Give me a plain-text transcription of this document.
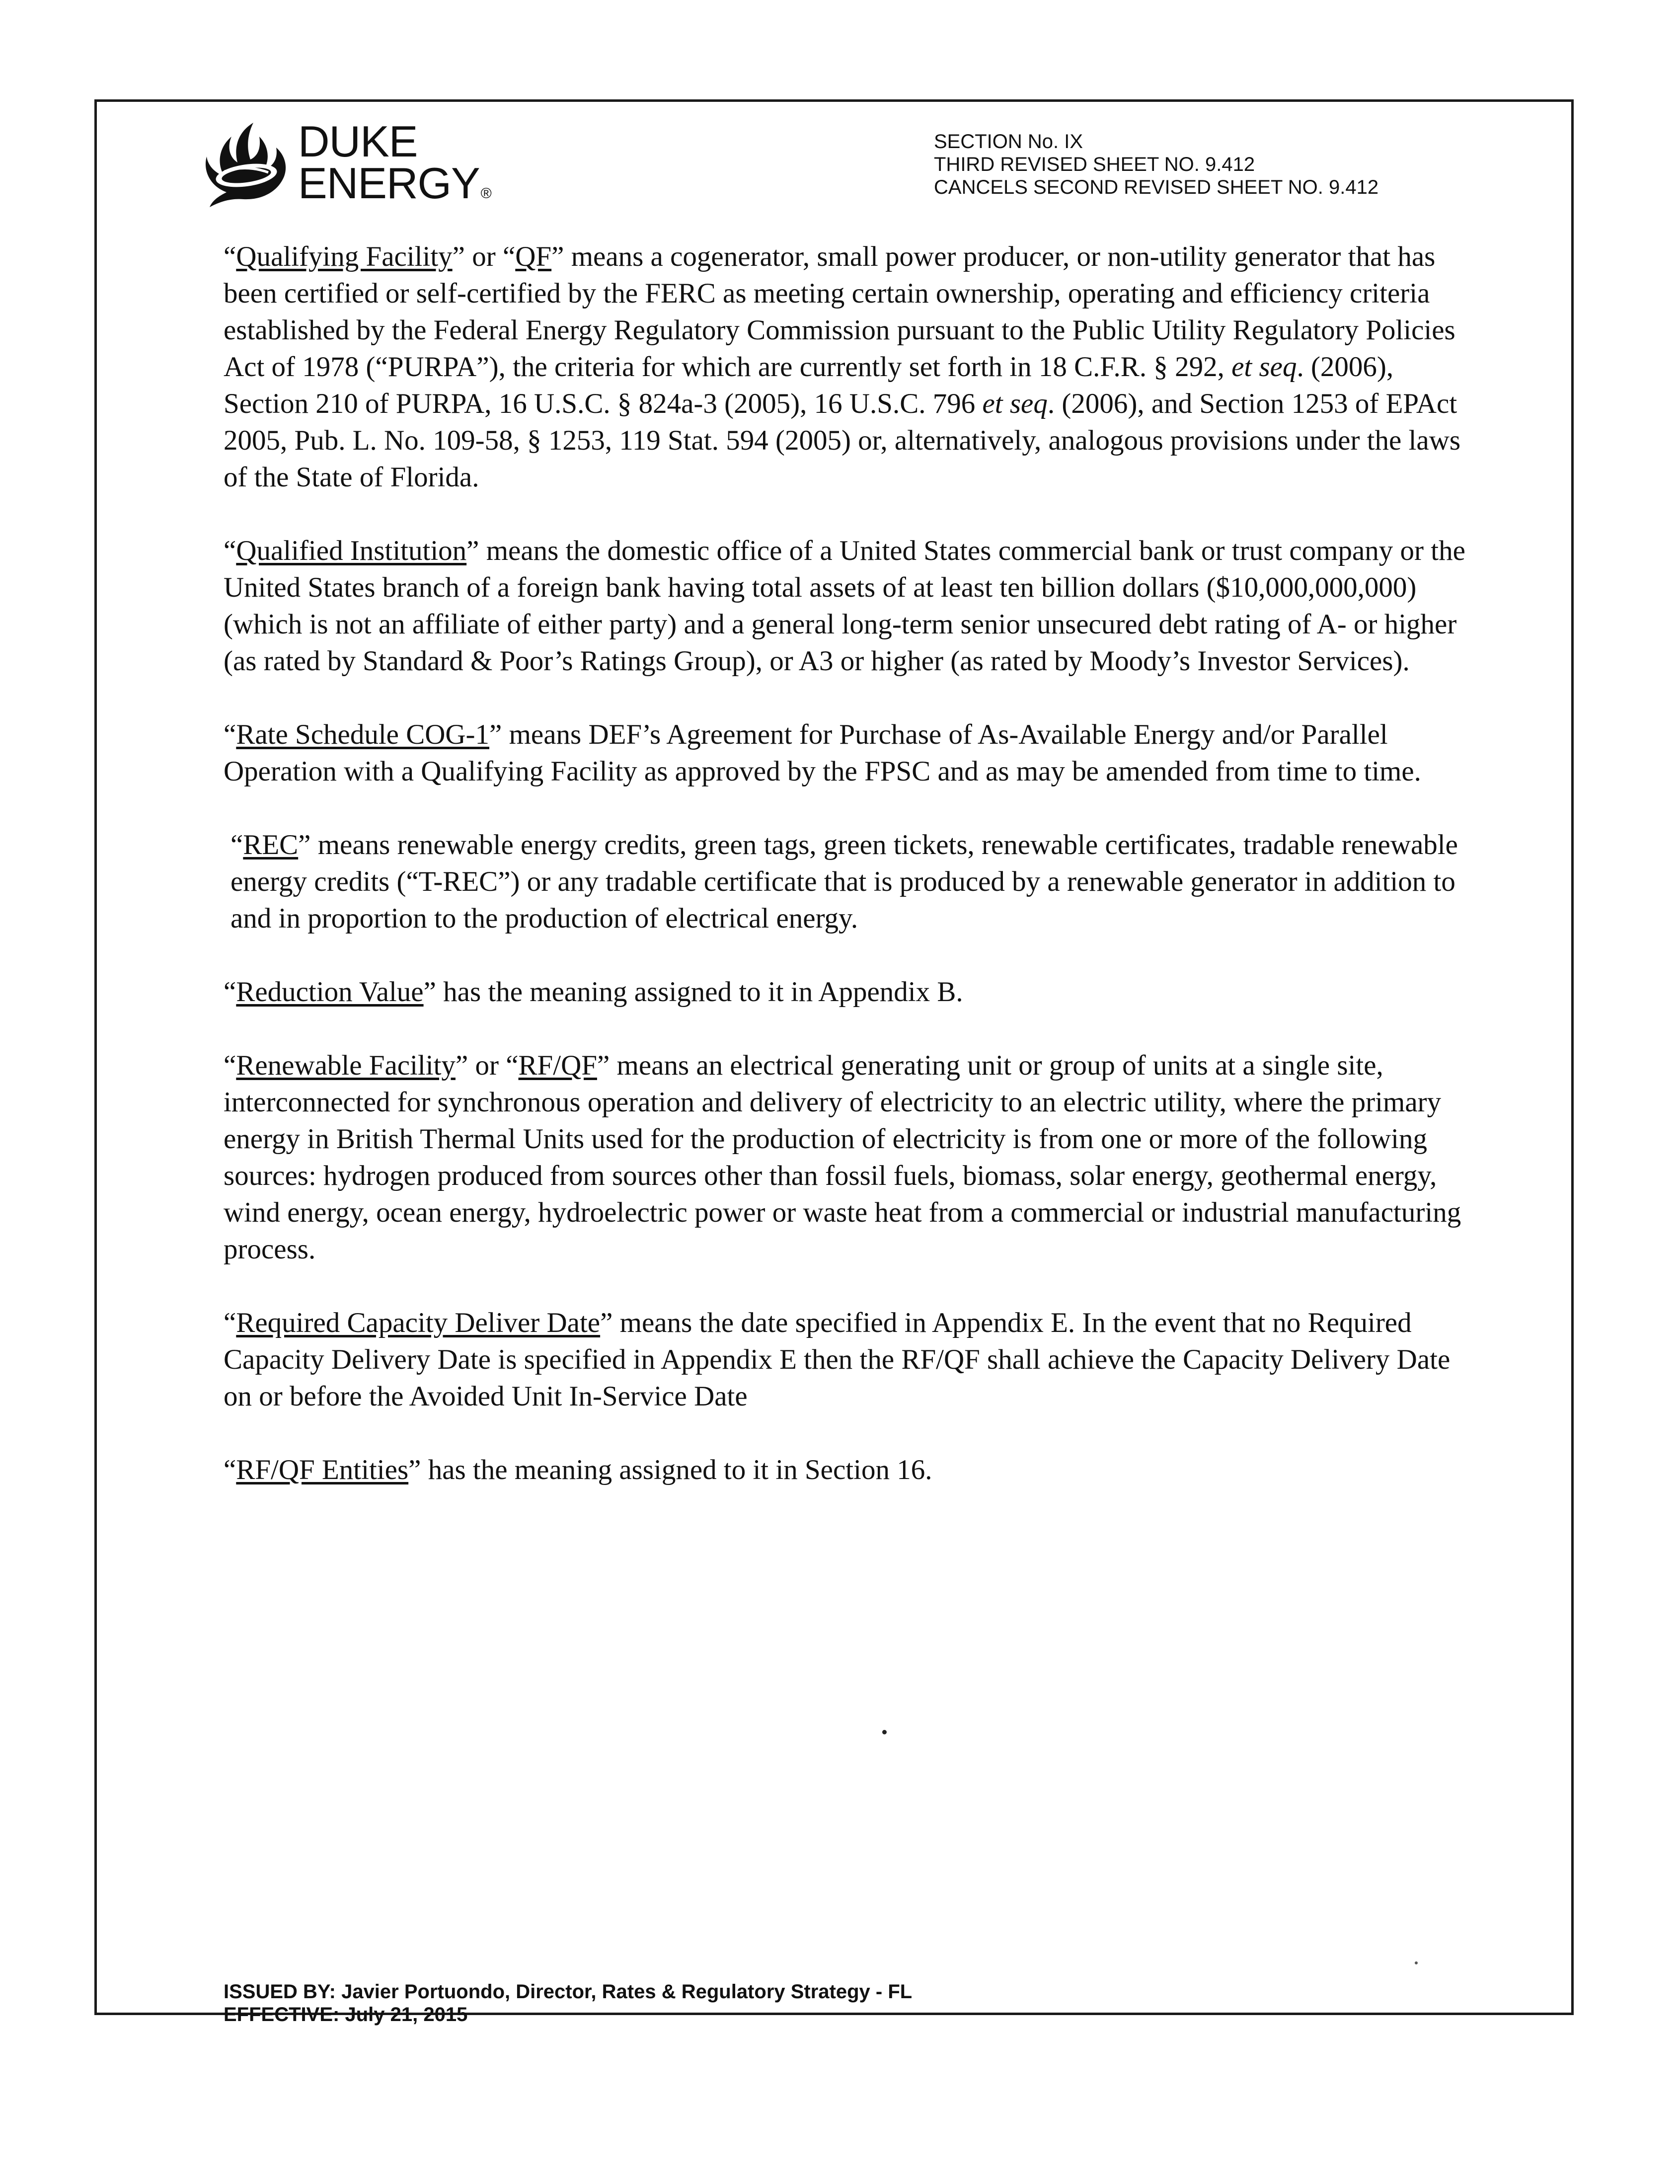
DUKE
ENERGY®
SECTION No. IX
THIRD REVISED SHEET NO. 9.412
CANCELS SECOND REVISED SHEET NO. 9.412

“Qualifying Facility” or “QF” means a cogenerator, small power producer, or non-utility generator that has been certified or self-certified by the FERC as meeting certain ownership, operating and efficiency criteria established by the Federal Energy Regulatory Commission pursuant to the Public Utility Regulatory Policies Act of 1978 (“PURPA”), the criteria for which are currently set forth in 18 C.F.R. § 292, et seq. (2006), Section 210 of PURPA, 16 U.S.C. § 824a-3 (2005), 16 U.S.C. 796 et seq. (2006), and Section 1253 of EPAct 2005, Pub. L. No. 109-58, § 1253, 119 Stat. 594 (2005) or, alternatively, analogous provisions under the laws of the State of Florida.

“Qualified Institution” means the domestic office of a United States commercial bank or trust company or the United States branch of a foreign bank having total assets of at least ten billion dollars ($10,000,000,000) (which is not an affiliate of either party) and a general long-term senior unsecured debt rating of A- or higher (as rated by Standard & Poor’s Ratings Group), or A3 or higher (as rated by Moody’s Investor Services).

“Rate Schedule COG-1” means DEF’s Agreement for Purchase of As-Available Energy and/or Parallel Operation with a Qualifying Facility as approved by the FPSC and as may be amended from time to time.

“REC” means renewable energy credits, green tags, green tickets, renewable certificates, tradable renewable energy credits (“T-REC”) or any tradable certificate that is produced by a renewable generator in addition to and in proportion to the production of electrical energy.

“Reduction Value” has the meaning assigned to it in Appendix B.

“Renewable Facility” or “RF/QF” means an electrical generating unit or group of units at a single site, interconnected for synchronous operation and delivery of electricity to an electric utility, where the primary energy in British Thermal Units used for the production of electricity is from one or more of the following sources: hydrogen produced from sources other than fossil fuels, biomass, solar energy, geothermal energy, wind energy, ocean energy, hydroelectric power or waste heat from a commercial or industrial manufacturing process.

“Required Capacity Deliver Date” means the date specified in Appendix E. In the event that no Required Capacity Delivery Date is specified in Appendix E then the RF/QF shall achieve the Capacity Delivery Date on or before the Avoided Unit In-Service Date

“RF/QF Entities” has the meaning assigned to it in Section 16.

ISSUED BY: Javier Portuondo, Director, Rates & Regulatory Strategy - FL
EFFECTIVE: July 21, 2015
